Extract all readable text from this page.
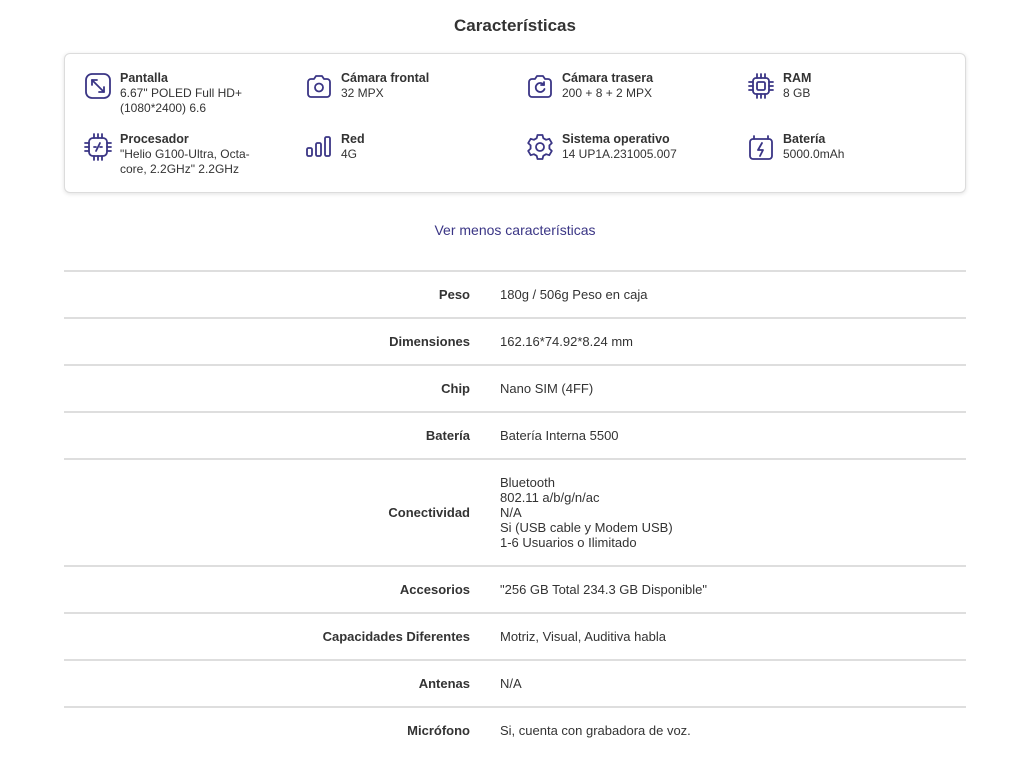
Características
Pantalla
6.67" POLED Full HD+
(1080*2400) 6.6
Cámara frontal
32 MPX
Cámara trasera
200 + 8 + 2 MPX
RAM
8 GB
Procesador
"Helio G100-Ultra, Octa-
core, 2.2GHz" 2.2GHz
Red
4G
Sistema operativo
14 UP1A.231005.007
Batería
5000.0mAh
Ver menos características
Peso	180g / 506g Peso en caja
Dimensiones	162.16*74.92*8.24 mm
Chip	Nano SIM (4FF)
Batería	Batería Interna 5500
Conectividad
Bluetooth
802.11 a/b/g/n/ac
N/A
Si (USB cable y Modem USB)
1-6 Usuarios o Ilimitado
Accesorios	"256 GB Total 234.3 GB Disponible"
Capacidades Diferentes	Motriz, Visual, Auditiva habla
Antenas	N/A
Micrófono	Si, cuenta con grabadora de voz.
